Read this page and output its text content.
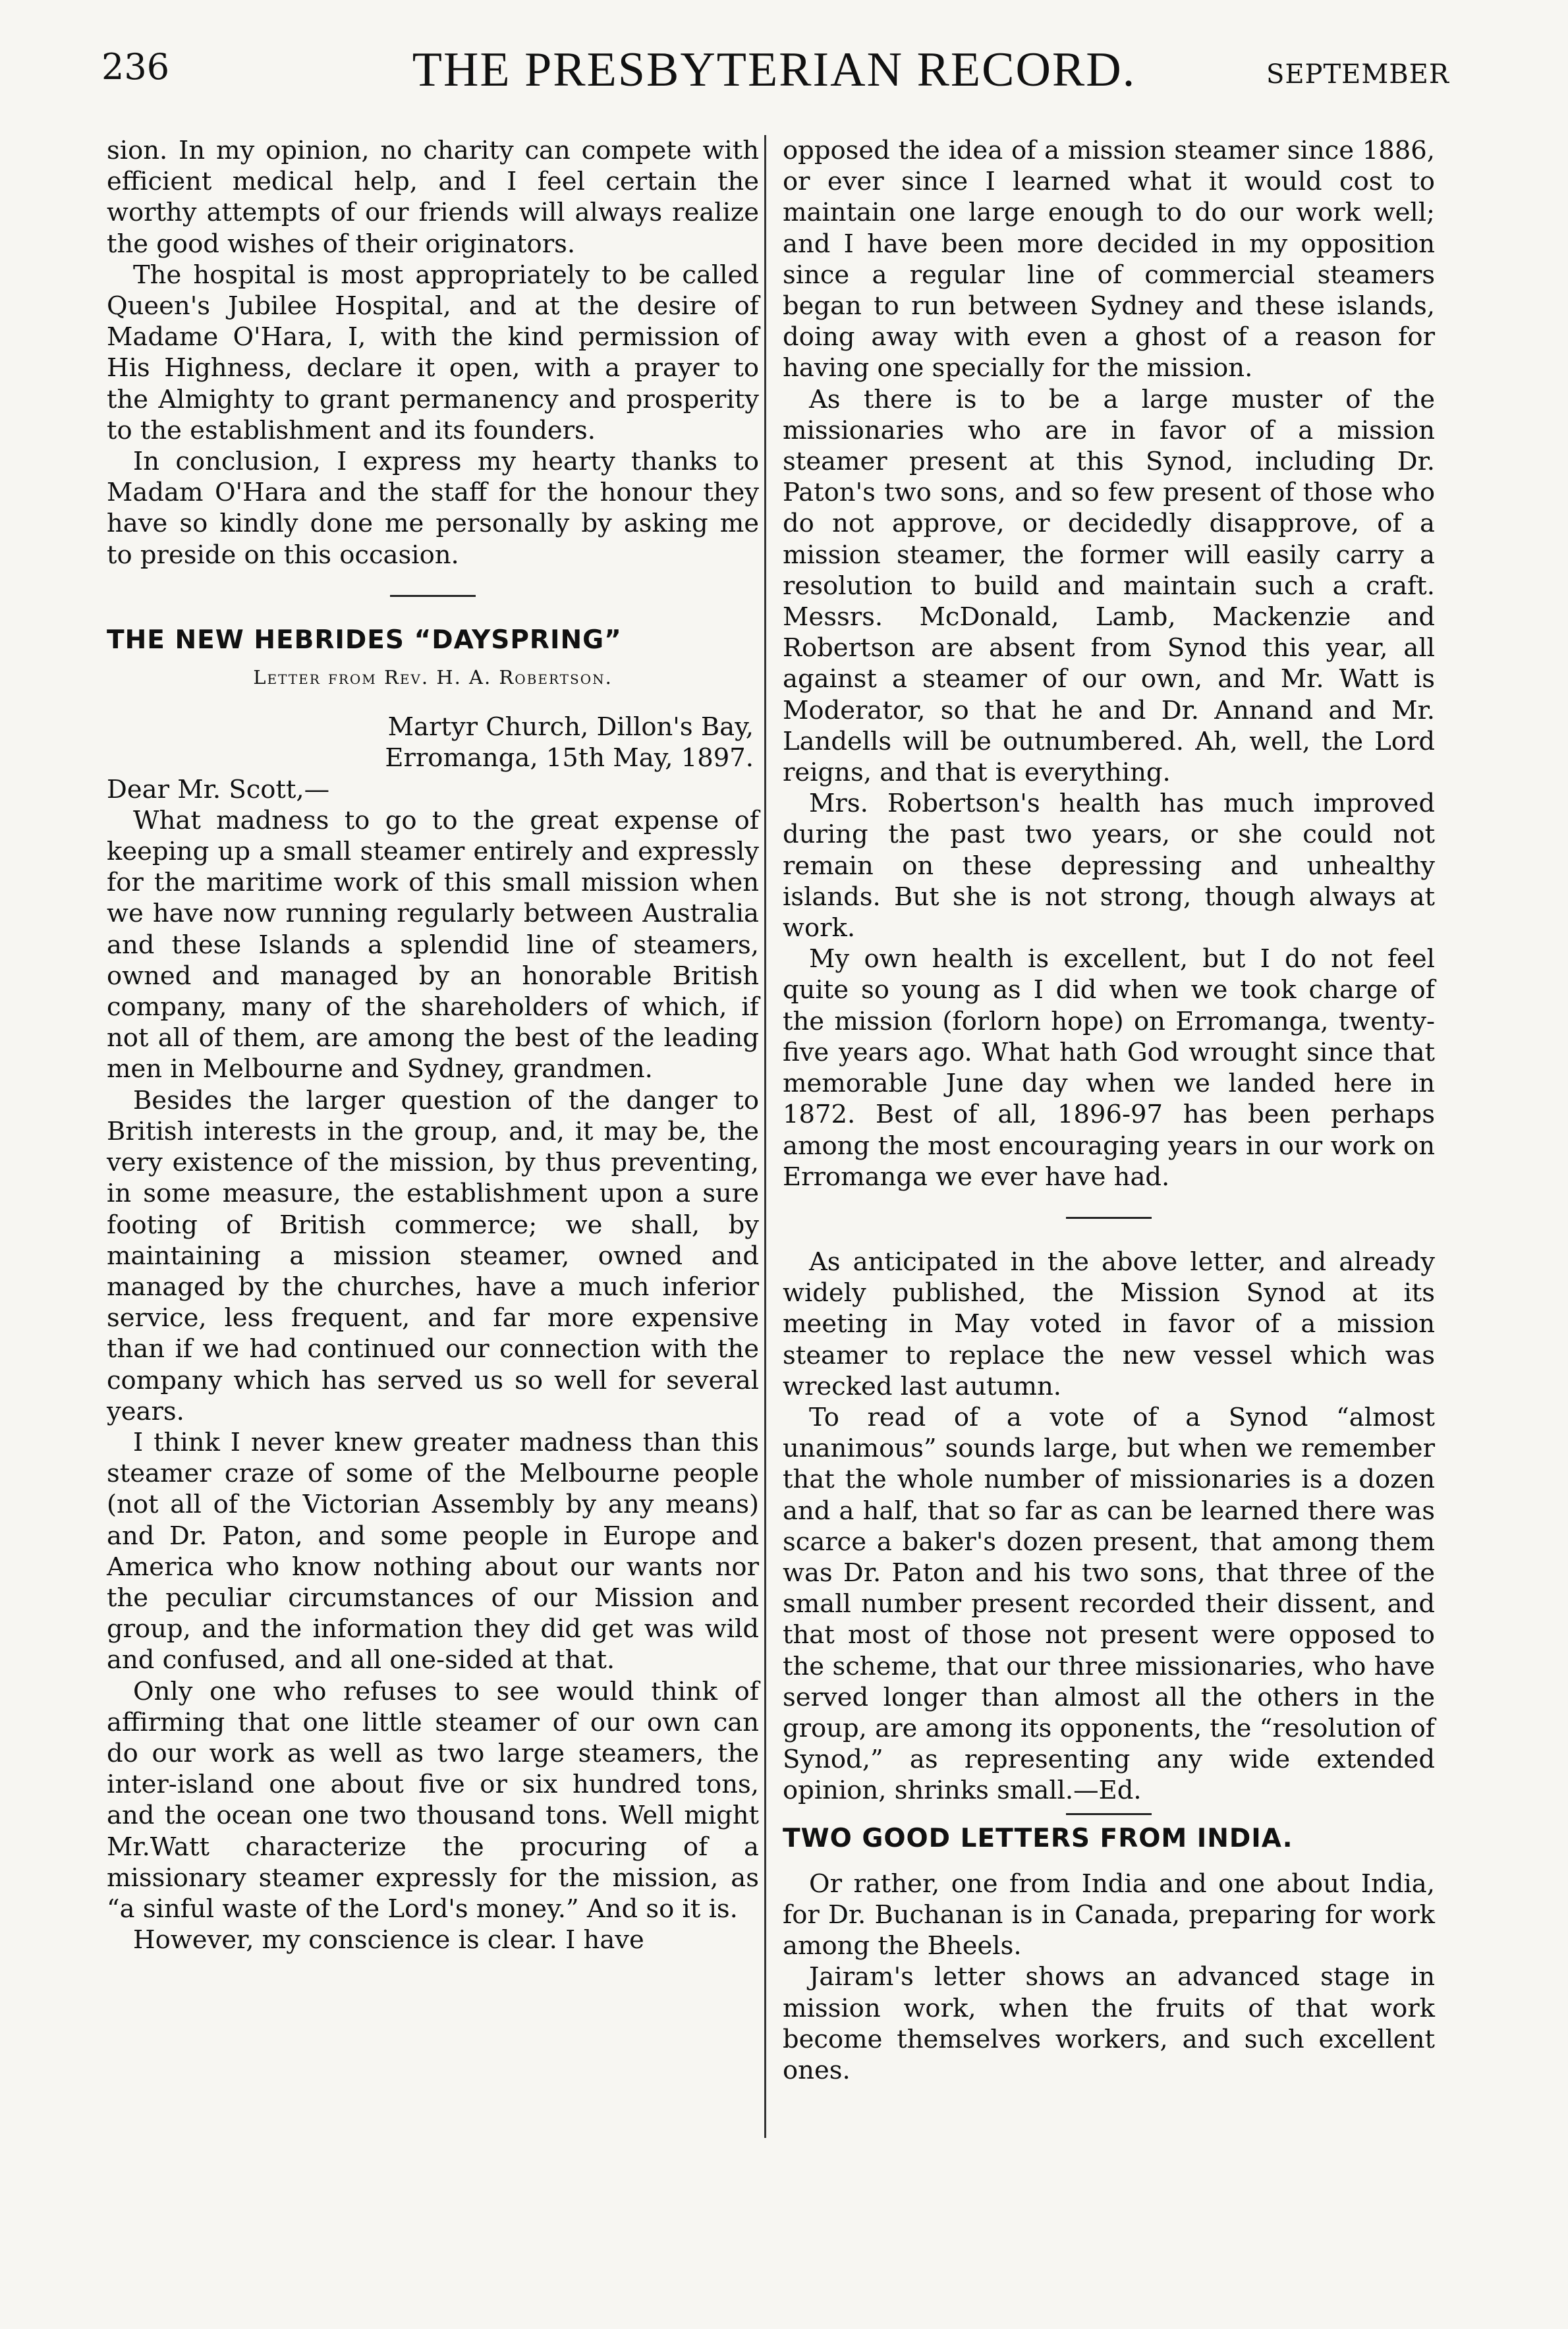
236	THE PRESBYTERIAN RECORD.	SEPTEMBER

sion. In my opinion, no charity can compete with efficient medical help, and I feel certain the worthy attempts of our friends will always realize the good wishes of their originators.

The hospital is most appropriately to be called Queen's Jubilee Hospital, and at the desire of Madame O'Hara, I, with the kind permission of His Highness, declare it open, with a prayer to the Almighty to grant permanency and prosperity to the establishment and its founders.

In conclusion, I express my hearty thanks to Madam O'Hara and the staff for the honour they have so kindly done me personally by asking me to preside on this occasion.

THE NEW HEBRIDES “DAYSPRING”
Letter from Rev. H. A. Robertson.

Martyr Church, Dillon's Bay,

Erromanga, 15th May, 1897.

Dear Mr. Scott,—

What madness to go to the great expense of keeping up a small steamer entirely and expressly for the maritime work of this small mission when we have now running regularly between Australia and these Islands a splendid line of steamers, owned and managed by an honorable British company, many of the shareholders of which, if not all of them, are among the best of the leading men in Melbourne and Sydney, grandmen.

Besides the larger question of the danger to British interests in the group, and, it may be, the very existence of the mission, by thus preventing, in some measure, the establishment upon a sure footing of British commerce; we shall, by maintaining a mission steamer, owned and managed by the churches, have a much inferior service, less frequent, and far more expensive than if we had continued our connection with the company which has served us so well for several years.

I think I never knew greater madness than this steamer craze of some of the Melbourne people (not all of the Victorian Assembly by any means) and Dr. Paton, and some people in Europe and America who know nothing about our wants nor the peculiar circumstances of our Mission and group, and the information they did get was wild and confused, and all one-sided at that.

Only one who refuses to see would think of affirming that one little steamer of our own can do our work as well as two large steamers, the inter-island one about five or six hundred tons, and the ocean one two thousand tons. Well might Mr.Watt characterize the procuring of a missionary steamer expressly for the mission, as “a sinful waste of the Lord's money.” And so it is.

However, my conscience is clear. I have

opposed the idea of a mission steamer since 1886, or ever since I learned what it would cost to maintain one large enough to do our work well; and I have been more decided in my opposition since a regular line of commercial steamers began to run between Sydney and these islands, doing away with even a ghost of a reason for having one specially for the mission.

As there is to be a large muster of the missionaries who are in favor of a mission steamer present at this Synod, including Dr. Paton's two sons, and so few present of those who do not approve, or decidedly disapprove, of a mission steamer, the former will easily carry a resolution to build and maintain such a craft. Messrs. McDonald, Lamb, Mackenzie and Robertson are absent from Synod this year, all against a steamer of our own, and Mr. Watt is Moderator, so that he and Dr. Annand and Mr. Landells will be outnumbered. Ah, well, the Lord reigns, and that is everything.

Mrs. Robertson's health has much improved during the past two years, or she could not remain on these depressing and unhealthy islands. But she is not strong, though always at work.

My own health is excellent, but I do not feel quite so young as I did when we took charge of the mission (forlorn hope) on Erromanga, twenty-five years ago. What hath God wrought since that memorable June day when we landed here in 1872. Best of all, 1896-97 has been perhaps among the most encouraging years in our work on Erromanga we ever have had.

As anticipated in the above letter, and already widely published, the Mission Synod at its meeting in May voted in favor of a mission steamer to replace the new vessel which was wrecked last autumn.

To read of a vote of a Synod “almost unanimous” sounds large, but when we remember that the whole number of missionaries is a dozen and a half, that so far as can be learned there was scarce a baker's dozen present, that among them was Dr. Paton and his two sons, that three of the small number present recorded their dissent, and that most of those not present were opposed to the scheme, that our three missionaries, who have served longer than almost all the others in the group, are among its opponents, the “resolution of Synod,” as representing any wide extended opinion, shrinks small.—Ed.

TWO GOOD LETTERS FROM INDIA.

Or rather, one from India and one about India, for Dr. Buchanan is in Canada, preparing for work among the Bheels.

Jairam's letter shows an advanced stage in mission work, when the fruits of that work become themselves workers, and such excellent ones.
